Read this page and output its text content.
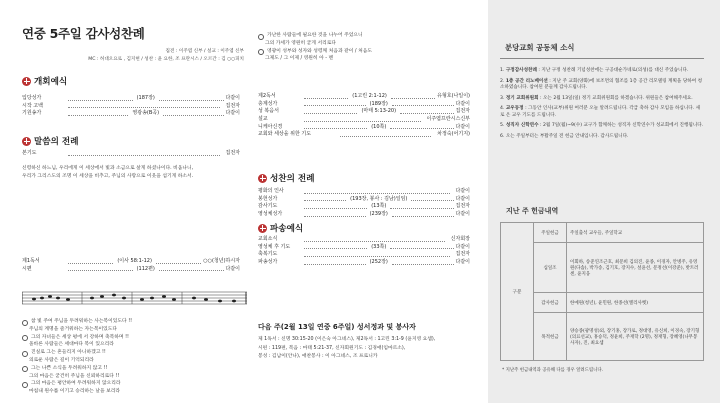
연중 5주일 감사성찬례
집전 : 이주엽 신부 / 설교 : 이주엽 신부
MC : 허대오요로 , 김지현 / 성찬 : 윤 요한, 조 프란시스 / 오르간 : 김 ○○피치
개회예식
입당성가	(187장)	다같이
시작 고백	집전자
기원송가	영광송(B곡)	다같이
말씀의 전례
본기도	집전자
신령하신 하느님, 우리에게 이 세상에서 빛과 소금으로 살게 하셨나이다. 비옵나니,
우리가 그리스도의 조명 이 세상을 비추고, 주님의 사랑으로 이웃을 섬기게 하소서.
제1독서	(이사 58:1-12)	○○(청년)하시자
시편	(112편)	다같이
참 빛 주여 주님을 두려워하는 사는복이있도다 !!
주님의 계명을 즐거워하는 자는복이있도다
그의 자녀들은 세상 평에 서 강하며 축복하며 !!
올바른 사람들은 세대마다 복이 있으리라
진실로 그는 흔들리지 아니하겠고 !!
의로운 사람은 길이 기억되리라
그는 나쁜 소식을 두려워하지 않고 !!
그의 마음은 굳건히 주님을 신뢰하리로다 !!
그의 마음은 평안하여 두려워하지 않으리라
마침내 원수를 이기고 승리하는 날을 보리라
가난한 사람들에 필요한 것을 나누어 주었으니
그의 가세가 영원히 굳게 서리로다
영광이 성부와 성자와 성령께 처음과 같이 / 처음도
그제도 / 그 이제 / 영원히 아 - 멘
제2독서	(1고린 2:1-12)	유형호(나일이)
층계성가	(189장)	다같이
성 복음서	(마태 5:13-20)	집전자
설교	이주엽프란시스신부
니케아신경	(10쪽)	다같이
교회와 세상을 위한 기도	차정숙(어기지)
성찬의 전례
평화의 인사	다같이
봉헌성가	(193장, 봉사 : 김남)일임)	다같이
감사기도	(13쪽)	집전자
영성체성가	(239장)	다같이
파송예식
교회소식	신자회장
영성체 후 기도	(33쪽)	다같이
축복기도	집전자
파송성가	(252장)	다같이
다음 주(2월 13일 연중 6주일) 성서정과 및 봉사자
제 1독서 : 신명 30:15-20 (이은숙 아그네스), 제2독서 : 1고린 3:1-9 (윤지영 요셉),
시편 : 119편, 복음 : 마태 5:21-37, 신자회원기도 : 김경애(임마르소),
봉성 : 김남이(안나), 애찬봉사 : 이 아그네스, 조 프로니카
분당교회 공동체 소식
1. 구정감사성찬례 : 지난 구정 성찬례 기념성찬에는 구공대순가네로(의성)를 대신 주었습니다.
2. 1층 공간 리노베이션 : 지난 주 교회(양화)에 보조면의 협조를 1층 공간 리모델링 계획을 당하여 청소하였습니다. 참여된 분들께 감사드립니다.
3. 정기 교회위원회 : 오는 2월 13일(일) 정기 교회위원회를 하겠습니다. 위원들은 참여해주세요.
4. 교우동정 : 그동안 인사(교부)위원 여러분 오늘 알려드립니다. 각급 축하 감사 모임을 하십니다. 새로 온 교우 기도를 드립니다.
5. 성직자 신학연수 : 2월 7일(월)~9(수) 교구가 함께하는 성직자 신학연수가 성교회에서 진행됩니다.
6. 오는 주일부터는 부활주일 전 헌금 안내입니다. 감사드립니다.
지난 주 헌금내역
구분	주일헌금	주일출석 교우들, 주일학교
	십일조	이회하, 송준연조근호, 최문희 김의진, 윤종, 이경자, 안병주, 유영원(다솜), 박가송, 김기호, 장지수, 설윤선, 문정선(이강준), 밧트러센, 윤지웅
	감사헌금	한예원(청년), 윤민원, 한종선(엘리사벳)
	목적헌금	양승종(광명성)외, 장기홍, 장가로, 정대영, 유신희, 이경숙, 장기형(의료선교), 홍승덕, 정윤희, 주재학 (2명), 정재형, 장혜영(나무봉사자), 진, 최요셉
* 지난주 헌금내역과 공유해 다를 경우 알려드립니다.
